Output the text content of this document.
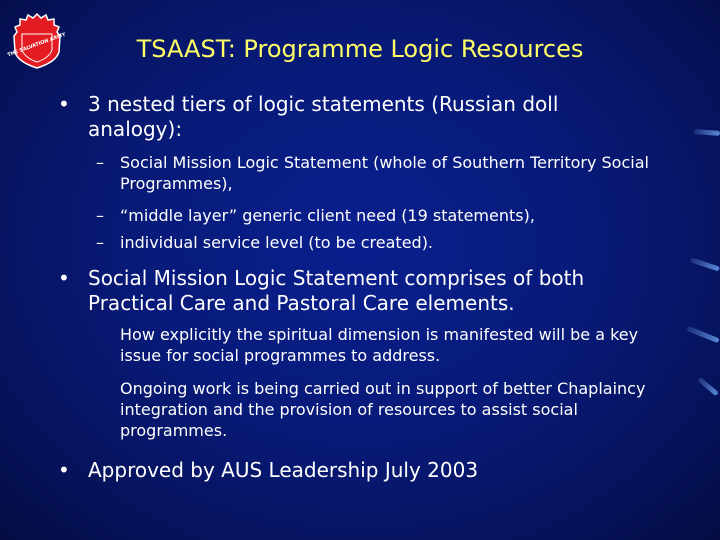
THE SALVATION ARMY	TSAAST: Programme Logic Resources
• 3 nested tiers of logic statements (Russian doll analogy):
– Social Mission Logic Statement (whole of Southern Territory Social Programmes),
– “middle layer” generic client need (19 statements),
– individual service level (to be created).
• Social Mission Logic Statement comprises of both Practical Care and Pastoral Care elements.
How explicitly the spiritual dimension is manifested will be a key issue for social programmes to address.
Ongoing work is being carried out in support of better Chaplaincy integration and the provision of resources to assist social programmes.
• Approved by AUS Leadership July 2003
